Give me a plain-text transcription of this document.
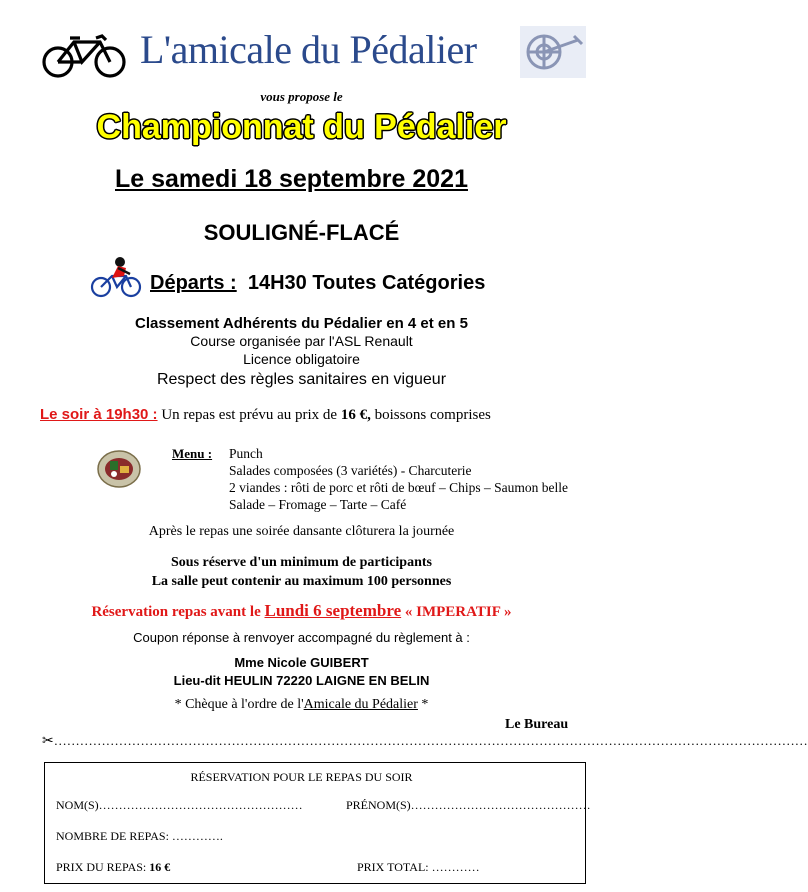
L'amicale du Pédalier
vous propose le
Championnat du Pédalier
Le samedi 18 septembre 2021
SOULIGNÉ-FLACÉ
Départs : 14H30 Toutes Catégories
Classement Adhérents du Pédalier en 4 et en 5
Course organisée par l'ASL Renault
Licence obligatoire
Respect des règles sanitaires en vigueur
Le soir à 19h30 : Un repas est prévu au prix de 16 €, boissons comprises
Menu : Punch
Salades composées (3 variétés) - Charcuterie
2 viandes : rôti de porc et rôti de bœuf – Chips – Saumon belle
Salade – Fromage – Tarte – Café
Après le repas une soirée dansante clôturera la journée
Sous réserve d'un minimum de participants
La salle peut contenir au maximum 100 personnes
Réservation repas avant le Lundi 6 septembre « IMPERATIF »
Coupon réponse à renvoyer accompagné du règlement à :
Mme Nicole GUIBERT
Lieu-dit HEULIN 72220 LAIGNE EN BELIN
* Chèque à l'ordre de l'Amicale du Pédalier *
Le Bureau
✂…………………………………………………………………………………………………………………………………………………………
RÉSERVATION POUR LE REPAS DU SOIR
NOM(S)……………………………………………	PRÉNOM(S)………………………………………
NOMBRE DE REPAS: ………….
PRIX DU REPAS: 16 €	PRIX TOTAL: …………
